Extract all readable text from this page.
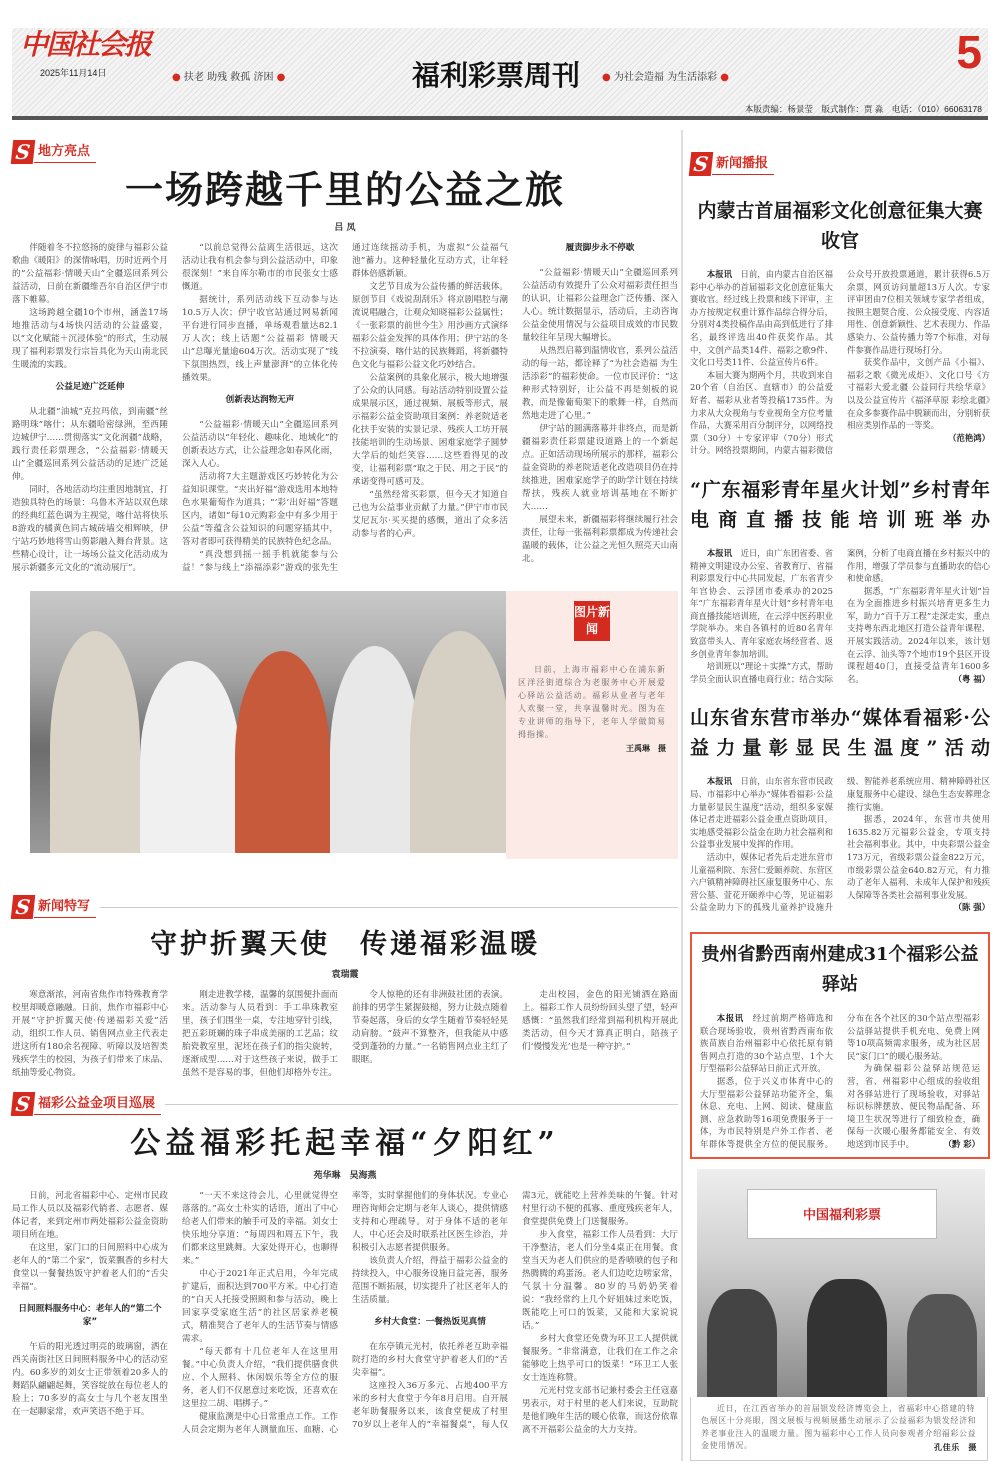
中国社会报
2025年11月14日	● 扶老 助残 救孤 济困 ●	福利彩票周刊 ● 为社会造福 为生活添彩 ●	5
本版责编：杨景莹　版式制作：贾 淼　电话：（010）66063178
S 地方亮点
一场跨越千里的公益之旅
吕 凤

伴随着冬不拉悠扬的旋律与福彩公益歌曲《暖阳》的深情咏唱，历时近两个月的“公益福彩·情暖天山”全疆巡回系列公益活动，日前在新疆维吾尔自治区伊宁市落下帷幕。

这场跨越全疆10个市州，涵盖17场地推活动与4场快闪活动的公益盛宴，以“文化赋能＋沉浸体验”的形式，生动展现了福利彩票发行宗旨具化为天山南北民生暖流的实践。

公益足迹广泛延伸

从北疆“油城”克拉玛依，到南疆“丝路明珠”喀什；从东疆哈密绿洲，至西陲边城伊宁……贯彻落实“文化润疆”战略，践行责任彩票理念，“公益福彩·情暖天山”全疆巡回系列公益活动的足迹广泛延伸。

同时，各地活动均注重因地制宜，打造独具特色的场景：乌鲁木齐站以双色球的经典红蓝色调为主视觉，喀什站将快乐8游戏的橘黄色同古城砖墙交相辉映，伊宁站巧妙地将雪山剪影融入舞台背景。这些精心设计，让一场场公益文化活动成为展示新疆多元文化的“流动展厅”。

“以前总觉得公益离生活很远，这次活动让我有机会参与到公益活动中，印象很深刻！”来自库尔勒市的市民张女士感慨道。

据统计，系列活动线下互动参与达10.5万人次；伊宁收官站通过网易新闻平台进行同步直播，单场观看量达82.1万人次；线上话题“公益福彩 情暖天山”总曝光量逾604万次。活动实现了“线下氛围热烈，线上声量澎湃”的立体化传播效果。

创新表达润物无声

“公益福彩·情暖天山”全疆巡回系列公益活动以“年轻化、趣味化、地域化”的创新表达方式，让公益理念如春风化雨，深入人心。

活动将7大主题游戏区巧妙转化为公益知识课堂。“夹出好福”游戏选用本地特色水果葡萄作为道具；“‘彩’出好福”答题区内，诸如“每10元购彩金中有多少用于公益”等蕴含公益知识的问题穿插其中，答对者即可获得精美的民族特色纪念品。

“真没想到摇一摇手机就能参与公益！”参与线上“添福添彩”游戏的张先生通过连续摇动手机，为虚拟“公益福气池”蓄力。这种轻量化互动方式，让年轻群体倍感新颖。

文艺节目成为公益传播的鲜活载体。原创节目《戏说刮刮乐》将京剧唱腔与潮流说唱融合，让观众知晓福彩公益属性；《一张彩票的前世今生》用沙画方式演绎福彩公益金发挥的具体作用；伊宁站的冬不拉演奏、喀什站的民族舞蹈，将新疆特色文化与福彩公益文化巧妙结合。

公益案例的具象化展示，极大地增强了公众的认同感。每站活动特别设置公益成果展示区，通过视频、展板等形式，展示福彩公益金资助项目案例：养老院适老化扶手安装的实景记录、残疾人工坊开展技能培训的生动场景、困难家庭学子圆梦大学后的灿烂笑容……这些看得见的改变，让福利彩票“取之于民、用之于民”的承诺变得可感可及。

“虽然经常买彩票，但今天才知道自己也为公益事业贡献了力量。”伊宁市市民艾尼瓦尔·买买提的感慨，道出了众多活动参与者的心声。

履责脚步永不停歇

“公益福彩·情暖天山”全疆巡回系列公益活动有效提升了公众对福彩责任担当的认识，让福彩公益理念广泛传播、深入人心。统计数据显示，活动后，主动咨询公益金使用情况与公益项目成效的市民数量较往年呈现大幅增长。

从热烈启幕到温情收官，系列公益活动的每一站，都诠释了“为社会造福 为生活添彩”的福彩使命。一位市民评价：“这种形式特别好，让公益不再是刻板的说教，而是像葡萄架下的歌舞一样，自然而然地走进了心里。”

伊宁站的圆满落幕并非终点，而是新疆福彩责任彩票建设道路上的一个新起点。正如活动现场所展示的那样，福彩公益金资助的养老院适老化改造项目仍在持续推进，困难家庭学子的助学计划在持续帮扶，残疾人就业培训基地在不断扩大……

展望未来，新疆福彩将继续履行社会责任，让每一张福利彩票都成为传递社会温暖的载体，让公益之光恒久照亮天山南北。

图片新闻
日前，上海市福彩中心在浦东新区洋泾街道综合为老服务中心开展爱心驿站公益活动。福彩从业者与老年人欢聚一堂，共享温馨时光。图为在专业讲师的指导下，老年人学做简易拇指操。
王禹琳　摄
S 新闻特写
守护折翼天使　传递福彩温暖
袁瑞霞

寒意渐浓，河南省焦作市特殊教育学校里却暖意融融。日前，焦作市福彩中心开展“守护折翼天使·传递福彩关爱”活动，组织工作人员、销售网点业主代表走进这所有180余名视障、听障以及培智类残疾学生的校园，为孩子们带来了床品、纸抽等爱心物资。

刚走进教学楼，温馨的氛围便扑面而来。活动参与人员看到：手工串珠教室里，孩子们围坐一桌，专注地穿针引线，把五彩斑斓的珠子串成美丽的工艺品；纹胎瓷教室里，泥坯在孩子们的指尖旋转，逐渐成型……对于这些孩子来说，做手工虽然不是容易的事，但他们却格外专注。

令人惊艳的还有非洲鼓社团的表演。前排的男学生紧握鼓槌，努力让鼓点随着节奏起落，身后的女学生随着节奏轻轻晃动肩膀。“鼓声不算整齐，但我能从中感受到蓬勃的力量。”一名销售网点业主红了眼眶。

走出校园，金色的阳光铺洒在路面上。福彩工作人员纷纷回头望了望，轻声感慨：“虽然我们经常到福利机构开展此类活动，但今天才算真正明白，陪孩子们‘慢慢发光’也是一种守护。”

S 福彩公益金项目巡展
公益福彩托起幸福“夕阳红”
苑华琳　吴海燕

日前，河北省福彩中心、定州市民政局工作人员以及福彩代销者、志愿者、媒体记者，来到定州市两处福彩公益金资助项目所在地。

在这里，家门口的日间照料中心成为老年人的“第二个家”，饭菜飘香的乡村大食堂以一餐餐热饭守护着老人们的“舌尖幸福”。

日间照料服务中心：老年人的“第二个家”

午后的阳光透过明亮的玻璃窗，洒在西关南街社区日间照料服务中心的活动室内。60多岁的刘女士正带领着20多人的舞蹈队翩翩起舞，笑容绽放在每位老人的脸上；70多岁的高女士与几个老友围坐在一起聊家常，欢声笑语不绝于耳。

“一天不来这待会儿，心里就觉得空落落的。”高女士朴实的话语，道出了中心给老人们带来的触手可及的幸福。刘女士快乐地分享道：“每周四和周五下午，我们都来这里跳舞。大家处得开心，也聊得来。”

中心于2021年正式启用，今年完成扩建后，面积达到700平方米。中心打造的“白天人托接受照顾和参与活动，晚上回家享受家庭生活”的社区居家养老模式，精准契合了老年人的生活节奏与情感需求。

“每天都有十几位老年人在这里用餐。”中心负责人介绍，“我们提供膳食供应、个人照料、休闲娱乐等全方位的服务，老人们不仅愿意过来吃饭，还喜欢在这里拉二胡、唱梆子。”

健康监测是中心日常重点工作。工作人员会定期为老年人测量血压、血糖、心率等，实时掌握他们的身体状况。专业心理咨询师会定期与老年人谈心，提供情感支持和心理疏导。对于身体不适的老年人，中心还会及时联系社区医生诊治，并积极引入志愿者提供服务。

该负责人介绍，得益于福彩公益金的持续投入，中心服务设施日益完善，服务范围不断拓展，切实提升了社区老年人的生活质量。

乡村大食堂：一餐热饭见真情

在东亭镇元光村，依托养老互助幸福院打造的乡村大食堂守护着老人们的“舌尖幸福”。

这座投入36万多元、占地400平方米的乡村大食堂于今年8月启用。自开展老年助餐服务以来，该食堂便成了村里70岁以上老年人的“幸福餐桌”，每人仅需3元，就能吃上营养美味的午餐。针对村里行动不便的孤寡、重度残疾老年人，食堂提供免费上门送餐服务。

步入食堂，福彩工作人员看到：大厅干净整洁，老人们分坐4桌正在用餐。食堂当天为老人们供应的是香喷喷的包子和热腾腾的鸡蛋汤。老人们边吃边唠家常，气氛十分温馨。80岁的马奶奶笑着说：“我经常约上几个好姐妹过来吃饭，既能吃上可口的饭菜，又能和大家说说话。”

乡村大食堂还免费为环卫工人提供就餐服务。“非常满意，让我们在工作之余能够吃上热乎可口的饭菜！”环卫工人张女士连连称赞。

元光村党支部书记兼村委会主任寇嘉男表示，对于村里的老人们来说，互助院是他们晚年生活的暖心依靠，而这份依靠离不开福彩公益金的大力支持。

S 新闻播报
内蒙古首届福彩文化创意征集大赛收官

本报讯　 日前，由内蒙古自治区福彩中心举办的首届福彩文化创意征集大赛收官。经过线上投票和线下评审，主办方按规定权重计算作品综合得分后，分别对4类投稿作品由高到低进行了排名，最终评选出40件获奖作品。其中，文创产品类14件、福彩之歌9件、文化口号类11件、公益宣传片6件。

本届大赛为期两个月，共收到来自20个省（自治区、直辖市）的公益爱好者、福彩从业者等投稿1735件。为力求从大众视角与专业视角全方位考量作品，大赛采用百分制评分，以网络投票（30分）＋专家评审（70分）形式计分。网络投票期间，内蒙古福彩微信公众号开放投票通道，累计获得6.5万余票，网页访问量超13万人次。专家评审团由7位相关领域专家学者组成，按照主题契合度、公众接受度、内容适用性、创意新颖性、艺术表现力、作品感染力、公益传播力等7个标准，对每件参赛作品进行现场打分。

获奖作品中，文创产品《小福》、福彩之歌《微光成炬》、文化口号《方寸福彩大爱北疆 公益同行共绘华章》以及公益宣传片《福泽草原 彩绘北疆》在众多参赛作品中脱颖而出，分别斩获相应类别作品的一等奖。
（范艳鸿）

“广东福彩青年星火计划”乡村青年电商直播技能培训班举办

本报讯　 近日，由广东团省委、省精神文明建设办公室、省教育厅、省福利彩票发行中心共同发起，广东省青少年宫协会、云浮团市委承办的2025年“广东福彩青年星火计划”乡村青年电商直播技能培训班，在云浮中医药职业学院举办。来自各镇村的近80名青年致富带头人、青年家庭农场经营者、返乡创业青年参加培训。

培训班以“理论＋实操”方式，帮助学员全面认识直播电商行业；结合实际案例，分析了电商直播在乡村振兴中的作用，增强了学员参与直播助农的信心和使命感。

据悉，“广东福彩青年星火计划”旨在为全面推进乡村振兴培育更多生力军，助力“百千万工程”走深走实，重点支持粤东西北地区打造公益青年课程、开展实践活动。2024年以来，该计划在云浮、汕头等7个地市19个县区开设课程超40门，直接受益青年1600多名。	（粤 福）

山东省东营市举办“媒体看福彩·公益力量彰显民生温度”活动

本报讯　 日前，山东省东营市民政局、市福彩中心举办“媒体看福彩·公益力量彰显民生温度”活动，组织多家媒体记者走进福彩公益金重点资助项目，实地感受福彩公益金在助力社会福利和公益事业发展中发挥的作用。

活动中，媒体记者先后走进东营市儿童福利院、东营仁爱颐养院、东营区六户镇精神障碍社区康复服务中心、东营公墓、萱花开颐养中心等，见证福彩公益金助力下的孤残儿童养护设施升级、智能养老系统应用、精神障碍社区康复服务中心建设、绿色生态安葬理念推行实施。

据悉，2024年，东营市共使用1635.82万元福彩公益金，专项支持社会福利事业。其中，中央彩票公益金173万元，省级彩票公益金822万元，市级彩票公益金640.82万元，有力推动了老年人福利、未成年人保护和残疾人保障等各类社会福利事业发展。
（陈 强）

贵州省黔西南州建成31个福彩公益驿站

本报讯　 经过前期严格筛选和联合现场验收，贵州省黔西南布依族苗族自治州福彩中心依托原有销售网点打造的30个站点型、1个大厅型福彩公益驿站日前正式开放。

据悉，位于兴义市体育中心的大厅型福彩公益驿站功能齐全，集休息、充电、上网、阅读、健康监测、应急救助等16项免费服务于一体，为市民特别是户外工作者、老年群体等提供全方位的便民服务。分布在各个社区的30个站点型福彩公益驿站提供手机充电、免费上网等10项高频需求服务，成为社区居民“家门口”的暖心服务站。

为确保福彩公益驿站规范运营，省、州福彩中心组成的验收组对各驿站进行了现场验收，对驿站标识标牌摆放、便民物品配备、环境卫生状况等进行了细致检查，确保每一次暖心服务都能安全、有效地送到市民手中。	（黔 彩）

中国福利彩票
近日，在江西省举办的首届银发经济博览会上，省福彩中心搭建的特色展区十分亮眼，图文展板与视频展播生动展示了公益福彩为银发经济和养老事业注入的温暖力量。图为福彩中心工作人员向参观者介绍福彩公益金使用情况。	孔佳乐　摄
